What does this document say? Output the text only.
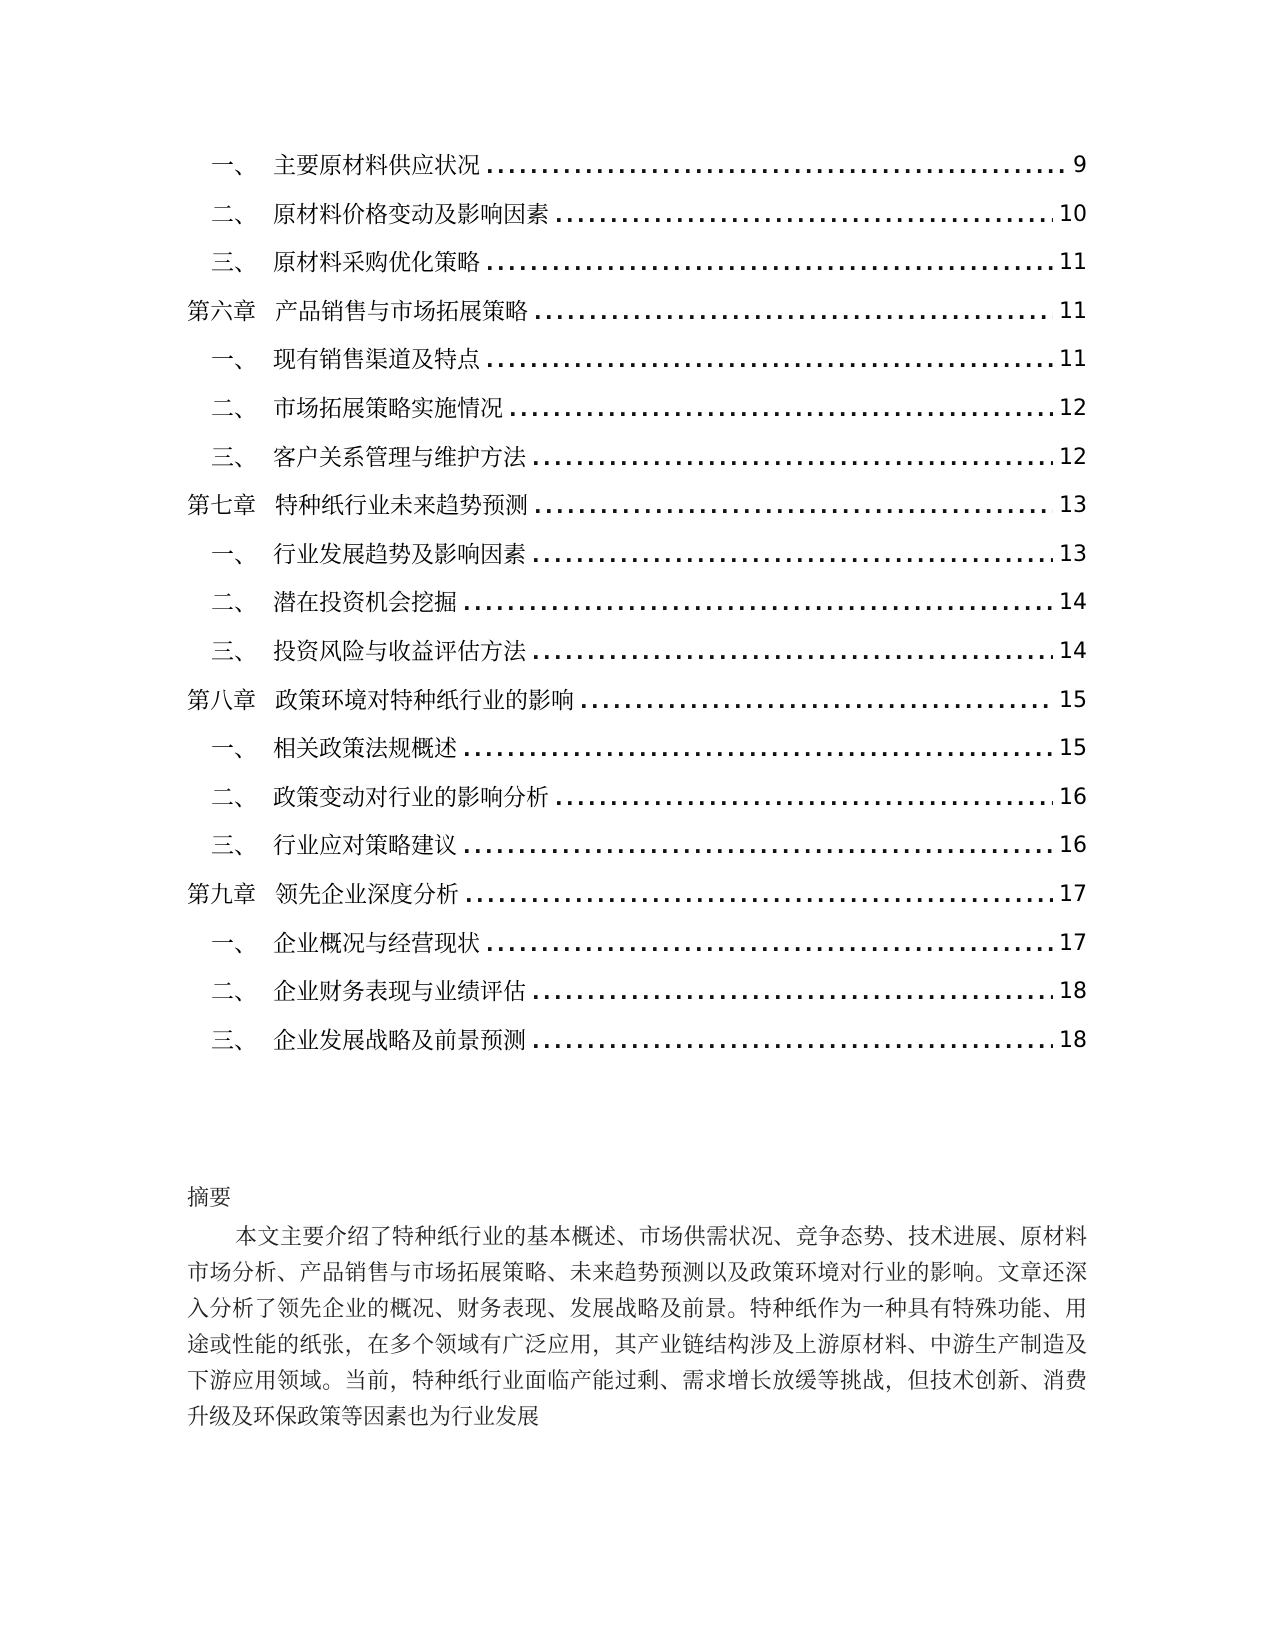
一、 主要原材料供应状况 .....	9
二、 原材料价格变动及影响因素 .....	10
三、 原材料采购优化策略 .....	11
第六章 产品销售与市场拓展策略 .....	11
一、 现有销售渠道及特点 .....	11
二、 市场拓展策略实施情况 .....	12
三、 客户关系管理与维护方法 .....	12
第七章 特种纸行业未来趋势预测 .....	13
一、 行业发展趋势及影响因素 .....	13
二、 潜在投资机会挖掘 .....	14
三、 投资风险与收益评估方法 .....	14
第八章 政策环境对特种纸行业的影响 .....	15
一、 相关政策法规概述 .....	15
二、 政策变动对行业的影响分析 .....	16
三、 行业应对策略建议 .....	16
第九章 领先企业深度分析 .....	17
一、 企业概况与经营现状 .....	17
二、 企业财务表现与业绩评估 .....	18
三、 企业发展战略及前景预测 .....	18
摘要

本文主要介绍了特种纸行业的基本概述、市场供需状况、竞争态势、技术进展、原材料市场分析、产品销售与市场拓展策略、未来趋势预测以及政策环境对行业的影响。文章还深入分析了领先企业的概况、财务表现、发展战略及前景。特种纸作为一种具有特殊功能、用途或性能的纸张，在多个领域有广泛应用，其产业链结构涉及上游原材料、中游生产制造及下游应用领域。当前，特种纸行业面临产能过剩、需求增长放缓等挑战，但技术创新、消费升级及环保政策等因素也为行业发展
